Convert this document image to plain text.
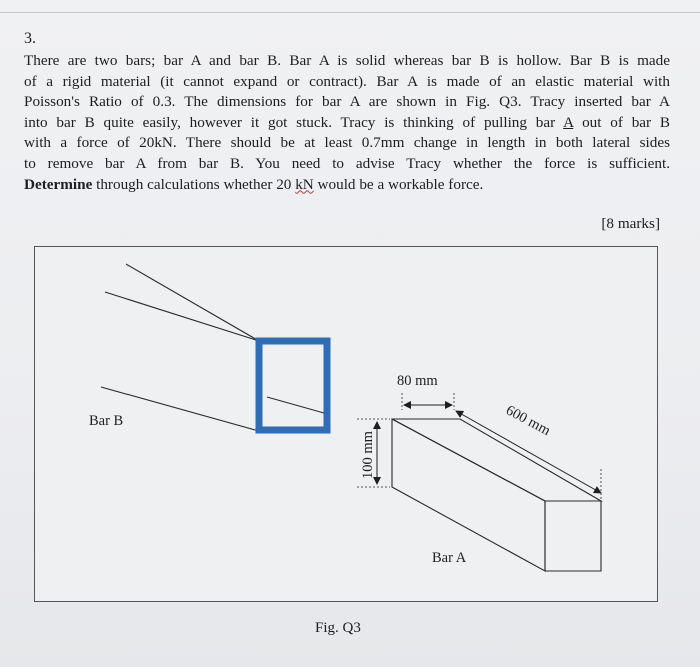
3.
There are two bars; bar A and bar B. Bar A is solid whereas bar B is hollow. Bar B is made
of a rigid material (it cannot expand or contract). Bar A is made of an elastic material with
Poisson's Ratio of 0.3. The dimensions for bar A are shown in Fig. Q3. Tracy inserted bar A
into bar B quite easily, however it got stuck. Tracy is thinking of pulling bar A out of bar B
with a force of 20kN. There should be at least 0.7mm change in length in both lateral sides
to remove bar A from bar B. You need to advise Tracy whether the force is sufficient.
Determine through calculations whether 20 kN would be a workable force.
[8 marks]
Bar B
80 mm
100 mm
600 mm
Bar A
Fig. Q3
